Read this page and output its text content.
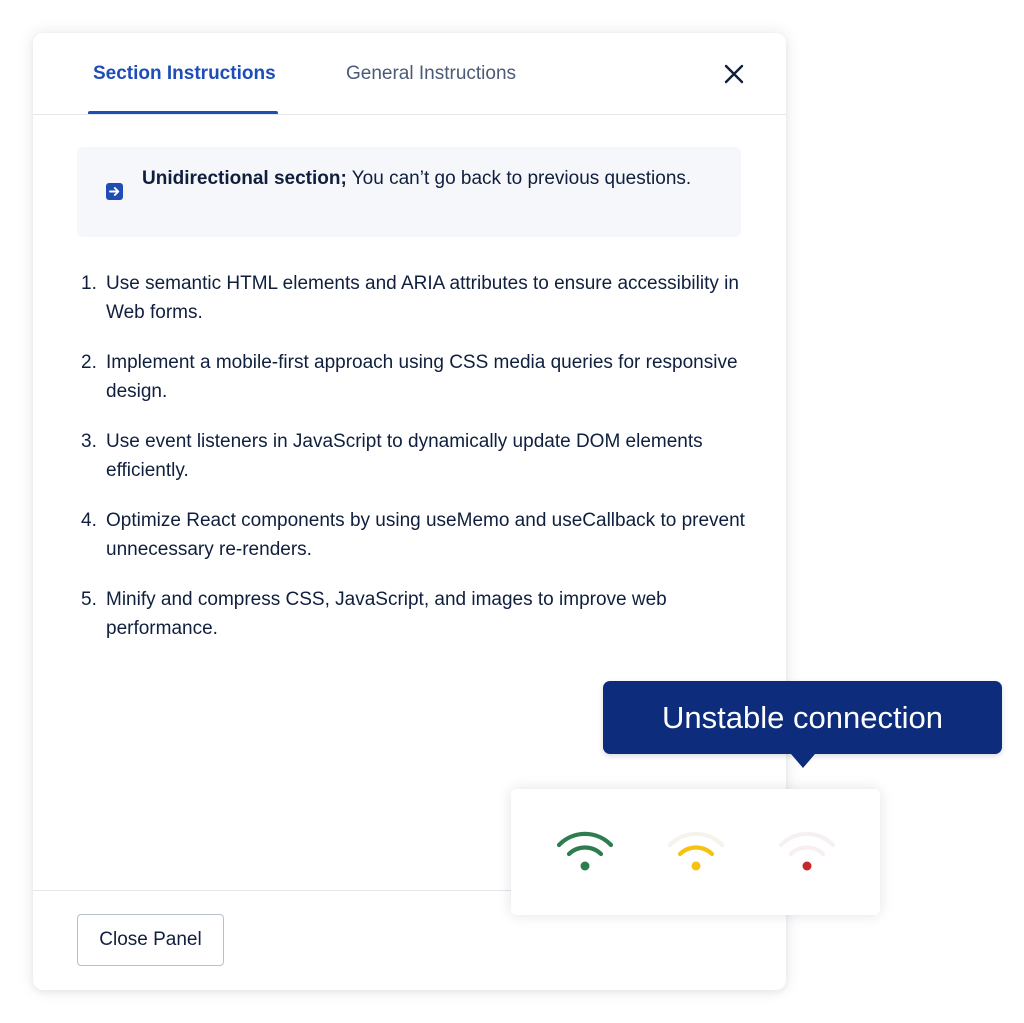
Section Instructions	General Instructions
Unidirectional section; You can’t go back to previous questions.
1. Use semantic HTML elements and ARIA attributes to ensure accessibility in Web forms.
2. Implement a mobile-first approach using CSS media queries for responsive design.
3. Use event listeners in JavaScript to dynamically update DOM elements efficiently.
4. Optimize React components by using useMemo and useCallback to prevent unnecessary re-renders.
5. Minify and compress CSS, JavaScript, and images to improve web performance.
Close Panel
Unstable connection
